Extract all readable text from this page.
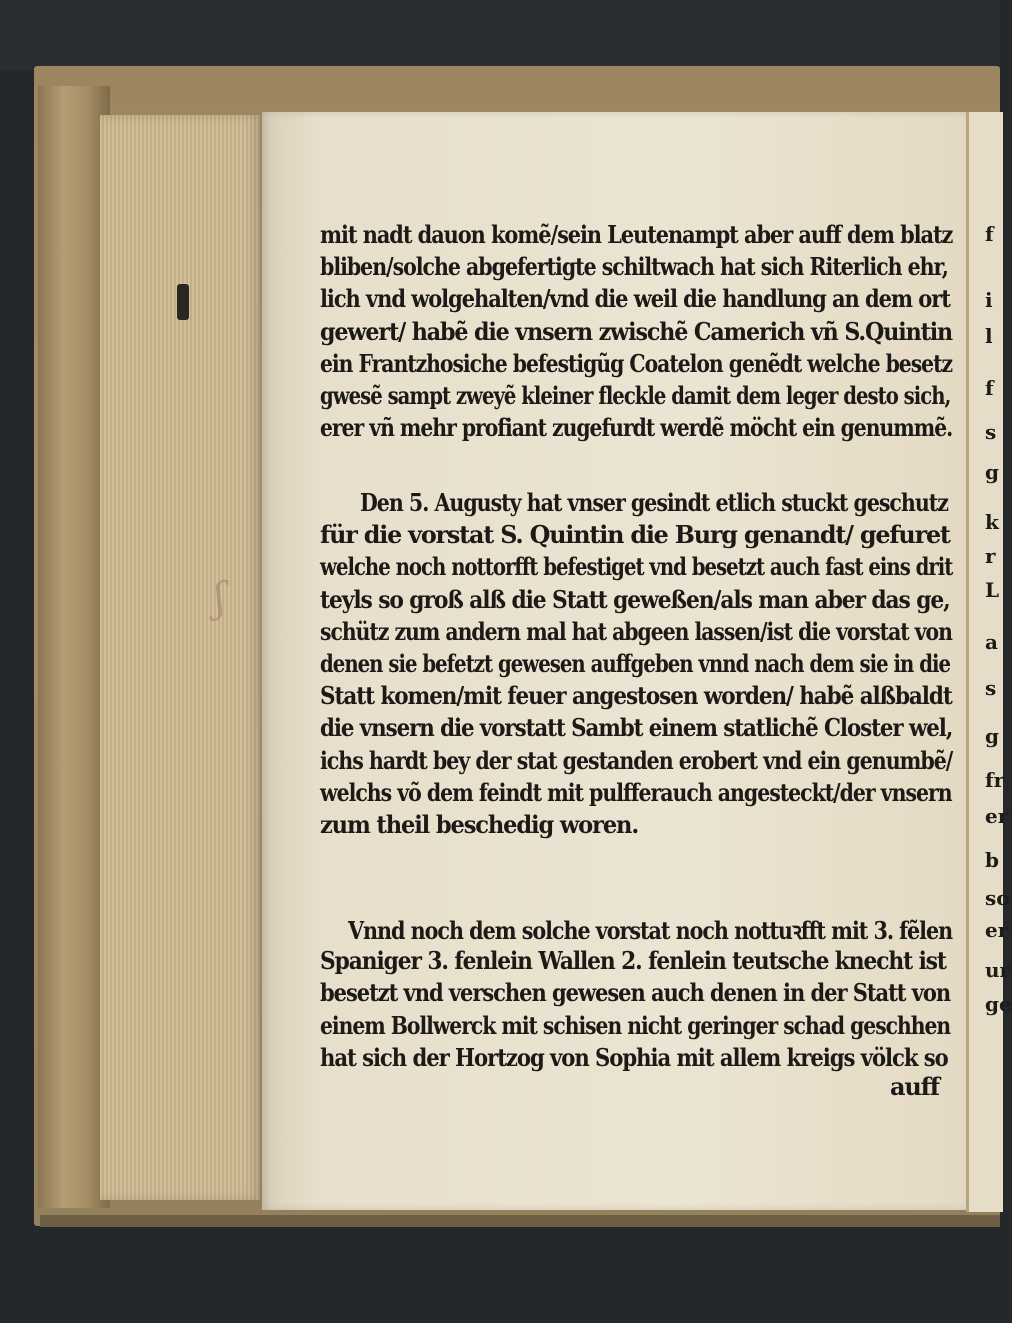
ʃ
mit nadt dauon komẽ/sein Leutenampt aber auff dem blatz
bliben/solche abgefertigte schiltwach hat sich Riterlich ehr,
lich vnd wolgehalten/vnd die weil die handlung an dem ort
gewert/ habẽ die vnsern zwischẽ Camerich vñ S.Quintin
ein Frantzhosiche befestigũg Coatelon genẽdt welche besetz
gwesẽ sampt zweyẽ kleiner fleckle damit dem leger desto sich,
erer vñ mehr profiant zugefurdt werdẽ möcht ein genummẽ.
Den 5. Augusty hat vnser gesindt etlich stuckt geschutz
für die vorstat S. Quintin die Burg genandt/ gefuret
welche noch nottorfft befestiget vnd besetzt auch fast eins drit
teyls so groß alß die Statt geweßen/als man aber das ge,
schütz zum andern mal hat abgeen lassen/ist die vorstat von
denen sie befetzt gewesen auffgeben vnnd nach dem sie in die
Statt komen/mit feuer angestosen worden/ habẽ alßbaldt
die vnsern die vorstatt Sambt einem statlichẽ Closter wel,
ichs hardt bey der stat gestanden erobert vnd ein genumbẽ/
welchs võ dem feindt mit pulfferauch angesteckt/der vnsern
zum theil beschedig woren.
Vnnd noch dem solche vorstat noch nottuꝛfft mit 3. fẽlen
Spaniger 3. fenlein Wallen 2. fenlein teutsche knecht ist
besetzt vnd verschen gewesen auch denen in der Statt von
einem Bollwerck mit schisen nicht geringer schad geschhen
hat sich der Hortzog von Sophia mit allem kreigs völck so
auff
f
i
l
f
s
g
k
r
L
a
s
g
fr
er
b
so
er
ur
ge
